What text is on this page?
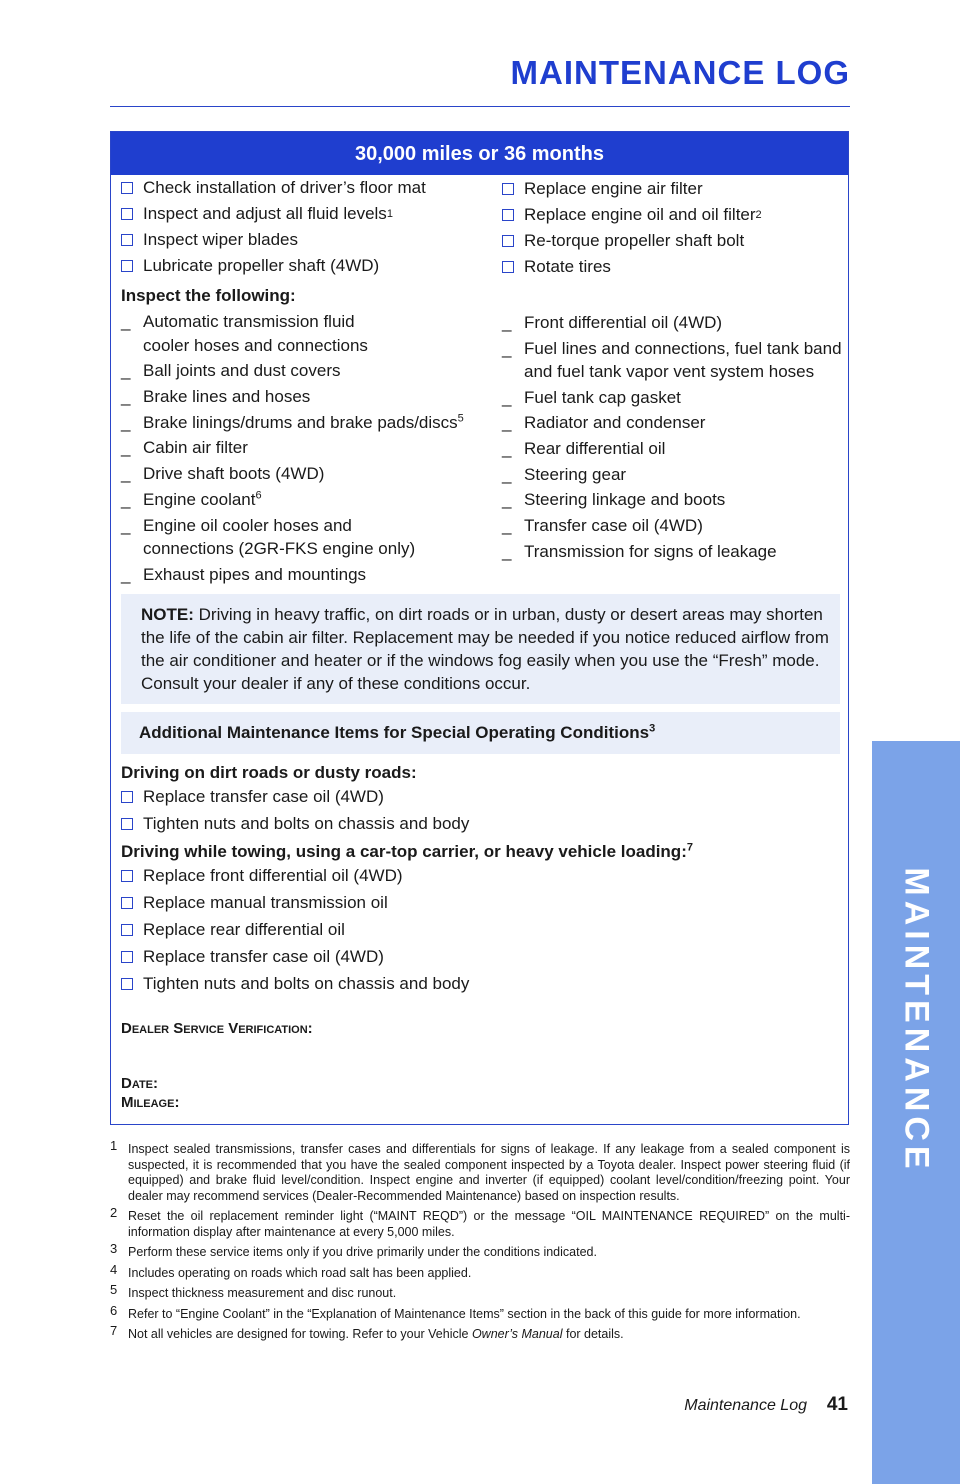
MAINTENANCE LOG
MAINTENANCE
30,000 miles or 36 months
Check installation of driver’s floor mat
Inspect and adjust all fluid levels 1
Inspect wiper blades
Lubricate propeller shaft (4WD)
Replace engine air filter
Replace engine oil and oil filter 2
Re-torque propeller shaft bolt
Rotate tires
Inspect the following:
_ Automatic transmission fluid
cooler hoses and connections
_ Ball joints and dust covers
_ Brake lines and hoses
_ Brake linings/drums and brake pads/discs$^5$
_ Cabin air filter
_ Drive shaft boots (4WD)
_ Engine coolant$^6$
_ Engine oil cooler hoses and
connections (2GR-FKS engine only)
_ Exhaust pipes and mountings
_ Front differential oil (4WD)
_ Fuel lines and connections, fuel tank band
and fuel tank vapor vent system hoses
_ Fuel tank cap gasket
_ Radiator and condenser
_ Rear differential oil
_ Steering gear
_ Steering linkage and boots
_ Transfer case oil (4WD)
_ Transmission for signs of leakage
NOTE: Driving in heavy traffic, on dirt roads or in urban, dusty or desert areas may shorten the life of the cabin air filter. Replacement may be needed if you notice reduced airflow from the air conditioner and heater or if the windows fog easily when you use the “Fresh” mode. Consult your dealer if any of these conditions occur.
Additional Maintenance Items for Special Operating Conditions$^3$
Driving on dirt roads or dusty roads:
Replace transfer case oil (4WD)
Tighten nuts and bolts on chassis and body
Driving while towing, using a car-top carrier, or heavy vehicle loading:$^7$
Replace front differential oil (4WD)
Replace manual transmission oil
Replace rear differential oil
Replace transfer case oil (4WD)
Tighten nuts and bolts on chassis and body
Dealer Service Verification:
Date:
Mileage:
1 Inspect sealed transmissions, transfer cases and differentials for signs of leakage. If any leakage from a sealed component is suspected, it is recommended that you have the sealed component inspected by a Toyota dealer. Inspect power steering fluid (if equipped) and brake fluid level/condition. Inspect engine and inverter (if equipped) coolant level/condition/freezing point. Your dealer may recommend services (Dealer-Recommended Maintenance) based on inspection results.
2 Reset the oil replacement reminder light (“MAINT REQD”) or the message “OIL MAINTENANCE REQUIRED” on the multi-information display after maintenance at every 5,000 miles.
3 Perform these service items only if you drive primarily under the conditions indicated.
4 Includes operating on roads which road salt has been applied.
5 Inspect thickness measurement and disc runout.
6 Refer to “Engine Coolant” in the “Explanation of Maintenance Items” section in the back of this guide for more information.
7 Not all vehicles are designed for towing. Refer to your Vehicle Owner’s Manual for details.
Maintenance Log 41
